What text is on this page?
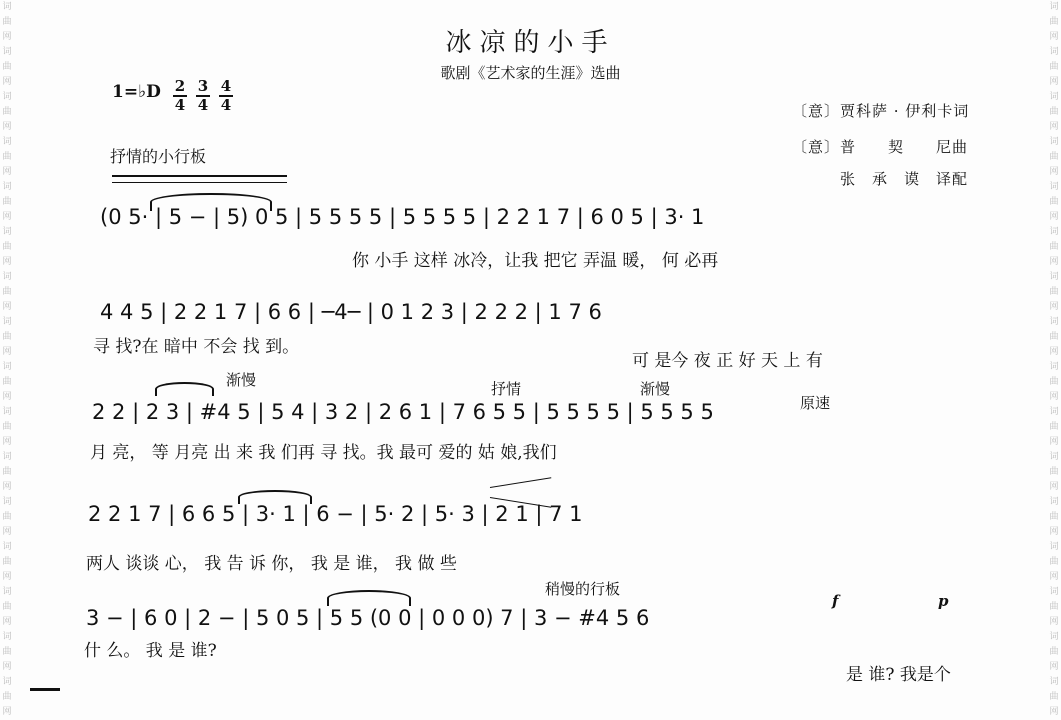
词
曲
网
词
曲
网
词
曲
网
词
曲
网
词
曲
网
词
曲
网
词
曲
网
词
曲
网
词
曲
网
词
曲
网
词
曲
网
词
曲
网
词
曲
网
词
曲
网
词
曲
网
词
曲
网
词
曲
网
词
曲
网
词
曲
网
词
曲
网
词
曲
网
词
曲
网
词
曲
网
词
曲
网
词
曲
网
词
曲
网
词
曲
网
词
曲
网
词
曲
网
词
曲
网
词
曲
网
词
曲
网
冰凉的小手
歌剧《艺术家的生涯》选曲
1=♭D 2
4
3
4
4
4	〔意〕贾科萨 · 伊利卡词
〔意〕普　　契　　尼曲
张　承　谟　译配
抒情的小行板
(0 5· | 5 − | 5) 0 5 | 5 5 5 5 | 5 5 5 5 | 2 2 1 7 | 6 0 5 | 3· 1
你 小手 这样 冰冷，让我 把它 弄温 暖， 何 必再
4 4 5 | 2 2 1 7 | 6 6 | ─4─ | 0 1 2 3 | 2 2 2 | 1 7 6
寻 找?在 暗中 不会 找 到。
可 是今 夜 正 好 天 上 有
渐慢	抒情	渐慢
原速
2 2 | 2 3 | #4 5 | 5 4 | 3 2 | 2 6 1 | 7 6 5 5 | 5 5 5 5 | 5 5 5 5
月 亮， 等 月亮 出 来 我 们再 寻 找。我 最可 爱的 姑 娘,我们
2 2 1 7 | 6 6 5 | 3· 1 | 6 − | 5· 2 | 5· 3 | 2 1 | 7 1
两人 谈谈 心， 我 告 诉 你， 我 是 谁， 我 做 些
稍慢的行板
f	p
3 − | 6 0 | 2 − | 5 0 5 | 5 5 (0 0 | 0 0 0) 7 | 3 − #4 5 6
什 么。 我 是 谁?
是 谁? 我是个
